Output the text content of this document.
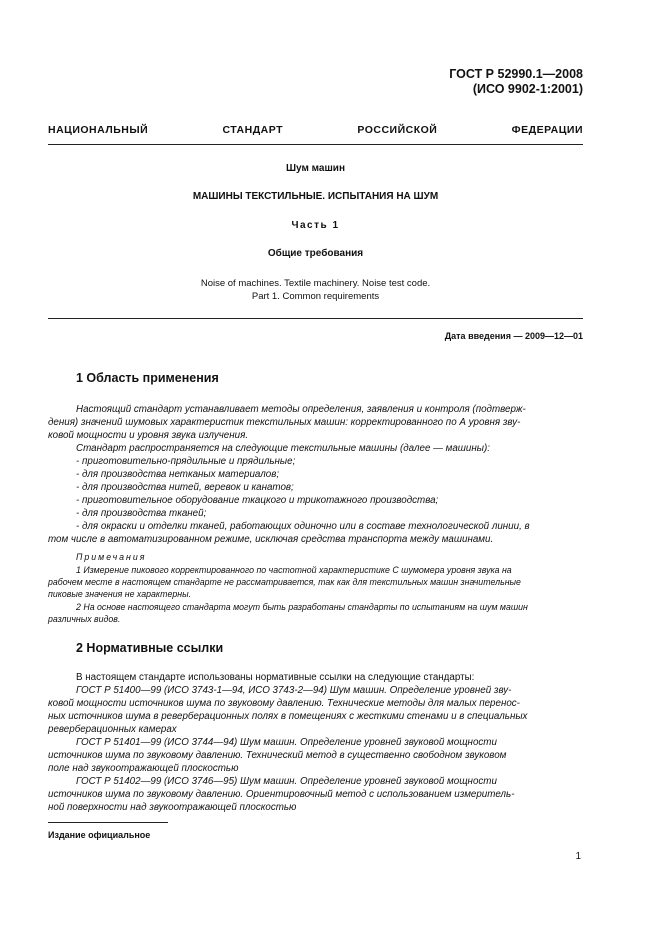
ГОСТ Р 52990.1—2008
(ИСО 9902-1:2001)
НАЦИОНАЛЬНЫЙ СТАНДАРТ РОССИЙСКОЙ ФЕДЕРАЦИИ
Шум машин
МАШИНЫ ТЕКСТИЛЬНЫЕ. ИСПЫТАНИЯ НА ШУМ
Часть 1
Общие требования
Noise of machines. Textile machinery. Noise test code.
Part 1. Common requirements
Дата введения — 2009—12—01
1 Область применения
Настоящий стандарт устанавливает методы определения, заявления и контроля (подтверж-
дения) значений шумовых характеристик текстильных машин: корректированного по А уровня зву-
ковой мощности и уровня звука излучения.
Стандарт распространяется на следующие текстильные машины (далее — машины):
- приготовительно-прядильные и прядильные;
- для производства нетканых материалов;
- для производства нитей, веревок и канатов;
- приготовительное оборудование ткацкого и трикотажного производства;
- для производства тканей;
- для окраски и отделки тканей, работающих одиночно или в составе технологической линии, в
том числе в автоматизированном режиме, исключая средства транспорта между машинами.
Примечания
1 Измерение пикового корректированного по частотной характеристике С шумомера уровня звука на
рабочем месте в настоящем стандарте не рассматривается, так как для текстильных машин значительные
пиковые значения не характерны.
2 На основе настоящего стандарта могут быть разработаны стандарты по испытаниям на шум машин
различных видов.
2 Нормативные ссылки
В настоящем стандарте использованы нормативные ссылки на следующие стандарты:
ГОСТ Р 51400—99 (ИСО 3743-1—94, ИСО 3743-2—94) Шум машин. Определение уровней зву-
ковой мощности источников шума по звуковому давлению. Технические методы для малых перенос-
ных источников шума в реверберационных полях в помещениях с жесткими стенами и в специальных
реверберационных камерах
ГОСТ Р 51401—99 (ИСО 3744—94) Шум машин. Определение уровней звуковой мощности
источников шума по звуковому давлению. Технический метод в существенно свободном звуковом
поле над звукоотражающей плоскостью
ГОСТ Р 51402—99 (ИСО 3746—95) Шум машин. Определение уровней звуковой мощности
источников шума по звуковому давлению. Ориентировочный метод с использованием измеритель-
ной поверхности над звукоотражающей плоскостью
Издание официальное
1
